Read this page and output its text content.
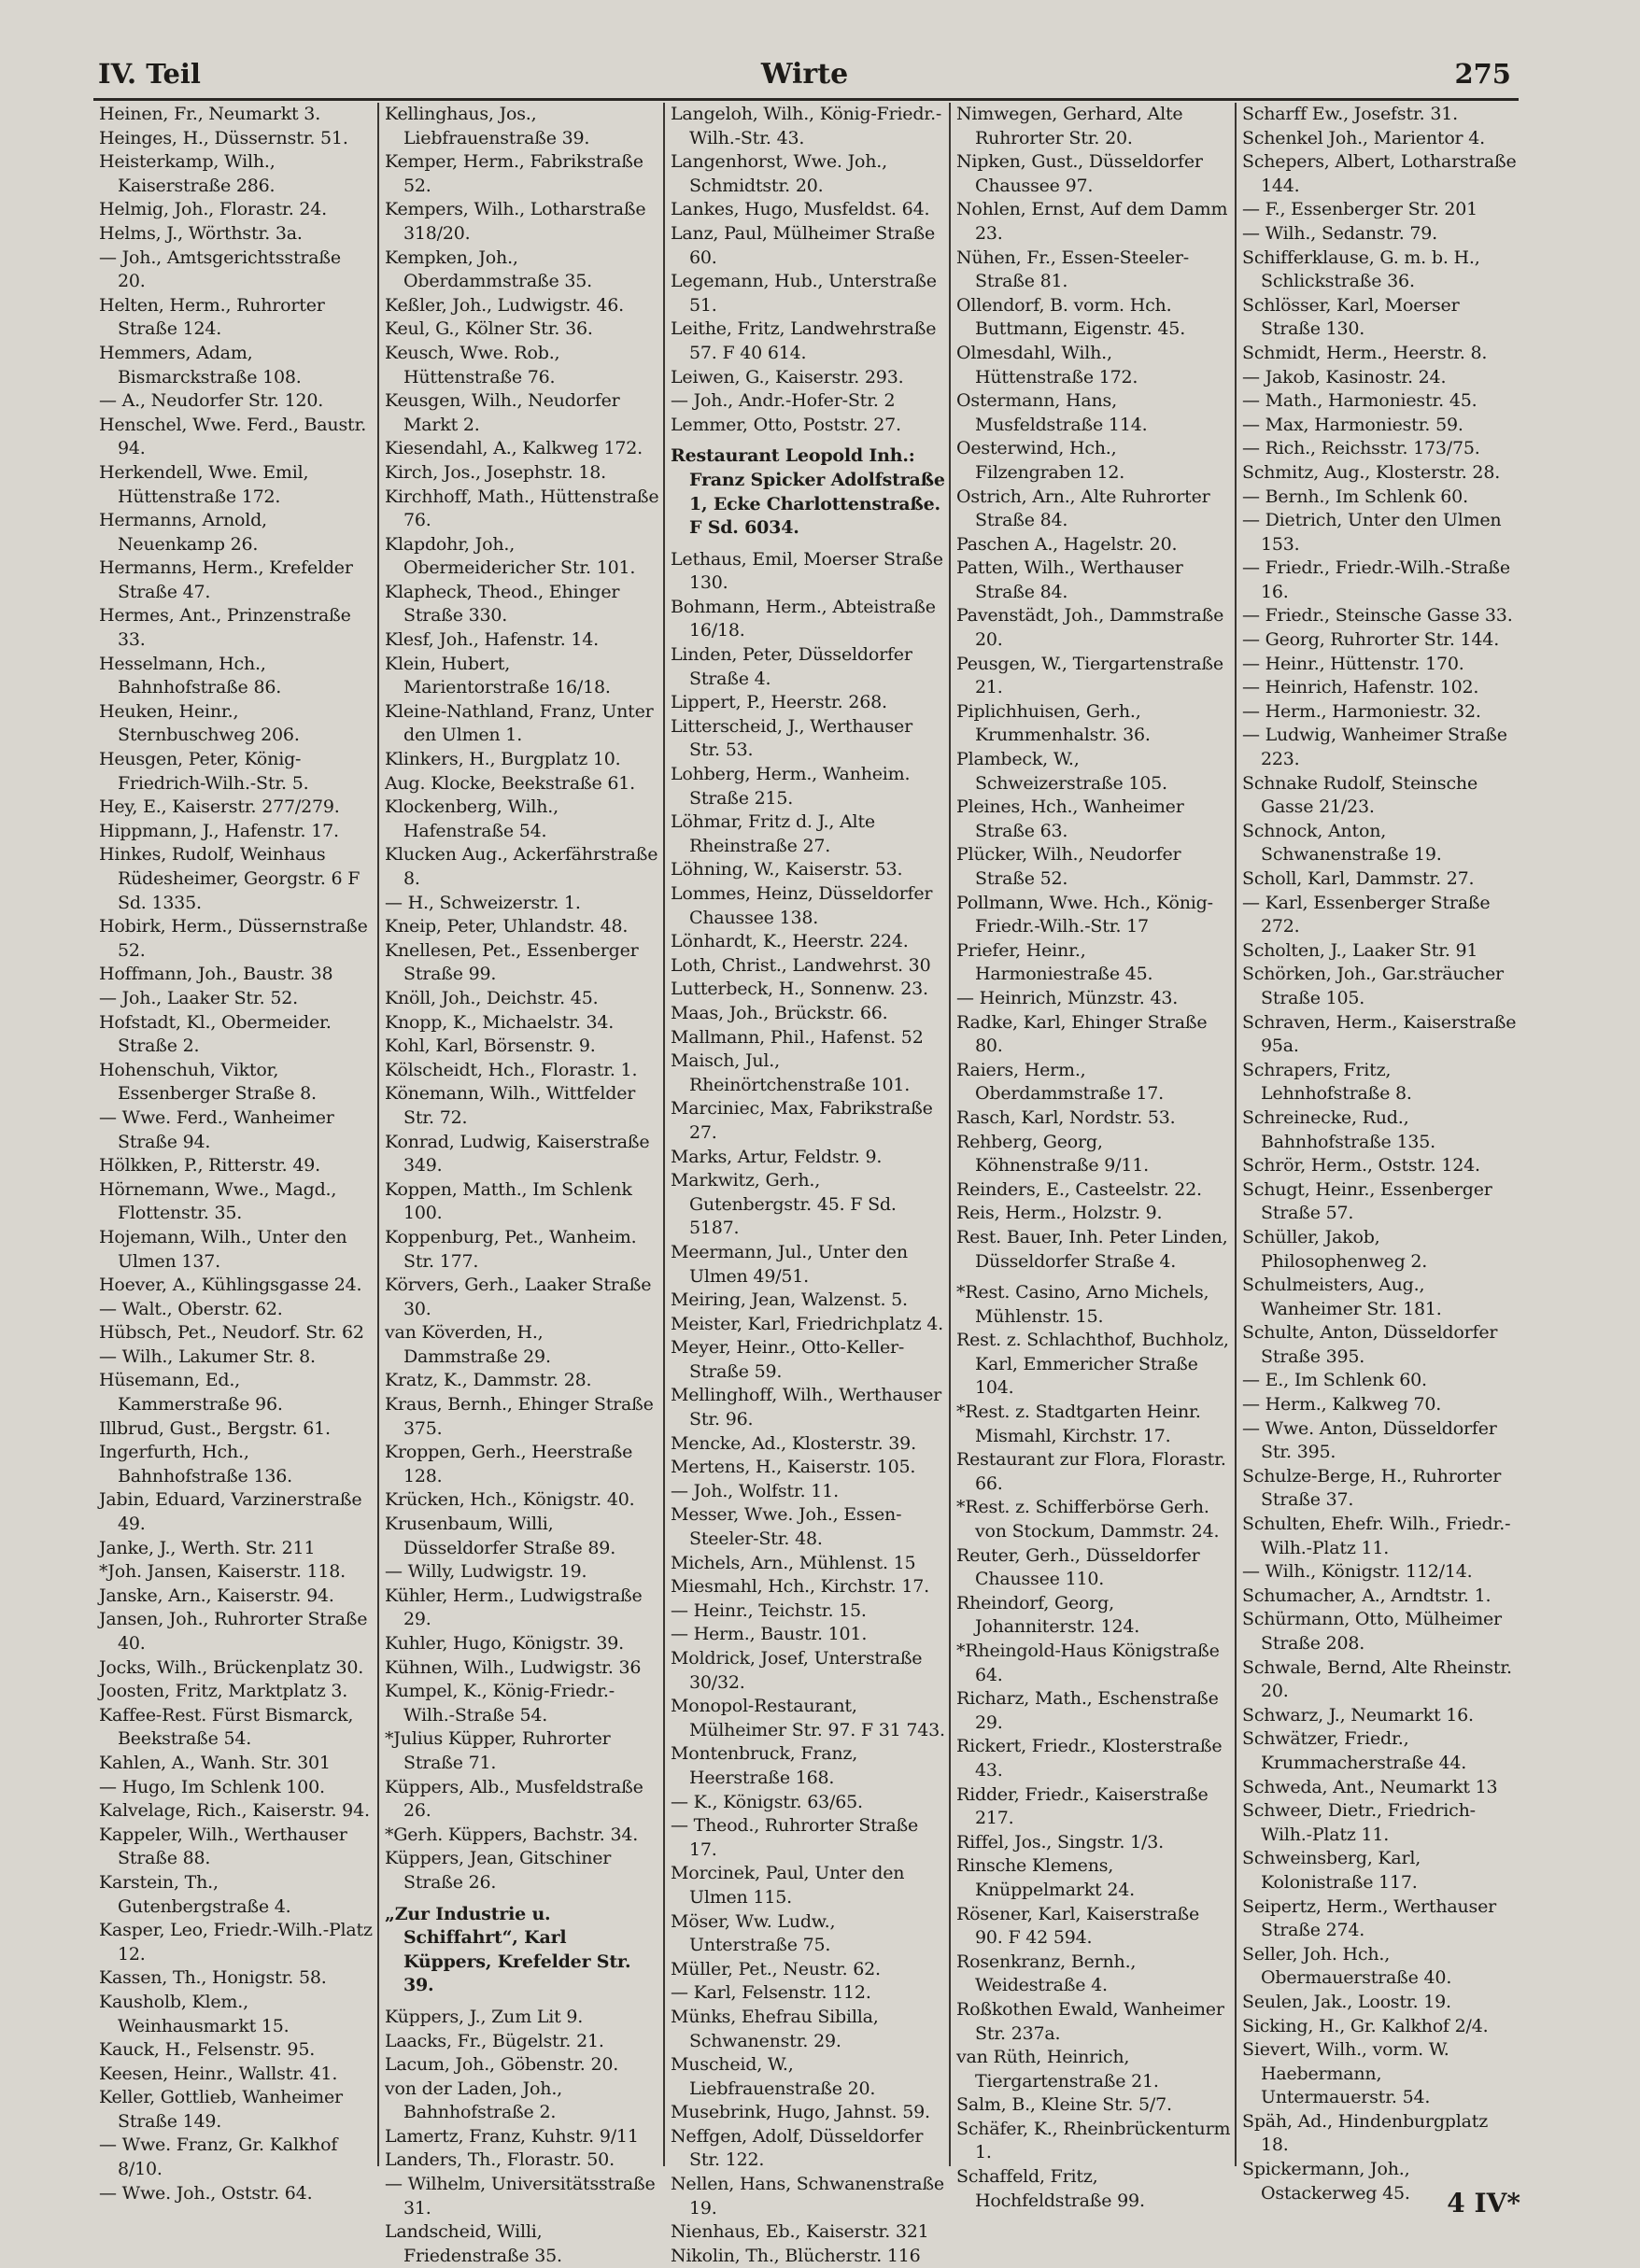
IV. Teil	Wirte	275

Heinen, Fr., Neumarkt 3.

Heinges, H., Düssernstr. 51.

Heisterkamp, Wilh., Kaiserstraße 286.

Helmig, Joh., Florastr. 24.

Helms, J., Wörthstr. 3a.

— Joh., Amtsgerichtsstraße 20.

Helten, Herm., Ruhrorter Straße 124.

Hemmers, Adam, Bismarckstraße 108.

— A., Neudorfer Str. 120.

Henschel, Wwe. Ferd., Baustr. 94.

Herkendell, Wwe. Emil, Hüttenstraße 172.

Hermanns, Arnold, Neuenkamp 26.

Hermanns, Herm., Krefelder Straße 47.

Hermes, Ant., Prinzenstraße 33.

Hesselmann, Hch., Bahnhofstraße 86.

Heuken, Heinr., Sternbuschweg 206.

Heusgen, Peter, König-Friedrich-Wilh.-Str. 5.

Hey, E., Kaiserstr. 277/279.

Hippmann, J., Hafenstr. 17.

Hinkes, Rudolf, Weinhaus Rüdesheimer, Georgstr. 6 F Sd. 1335.

Hobirk, Herm., Düssernstraße 52.

Hoffmann, Joh., Baustr. 38

— Joh., Laaker Str. 52.

Hofstadt, Kl., Obermeider. Straße 2.

Hohenschuh, Viktor, Essenberger Straße 8.

— Wwe. Ferd., Wanheimer Straße 94.

Hölkken, P., Ritterstr. 49.

Hörnemann, Wwe., Magd., Flottenstr. 35.

Hojemann, Wilh., Unter den Ulmen 137.

Hoever, A., Kühlingsgasse 24.

— Walt., Oberstr. 62.

Hübsch, Pet., Neudorf. Str. 62

— Wilh., Lakumer Str. 8.

Hüsemann, Ed., Kammerstraße 96.

Illbrud, Gust., Bergstr. 61.

Ingerfurth, Hch., Bahnhofstraße 136.

Jabin, Eduard, Varzinerstraße 49.

Janke, J., Werth. Str. 211

*Joh. Jansen, Kaiserstr. 118.

Janske, Arn., Kaiserstr. 94.

Jansen, Joh., Ruhrorter Straße 40.

Jocks, Wilh., Brückenplatz 30.

Joosten, Fritz, Marktplatz 3.

Kaffee-Rest. Fürst Bismarck, Beekstraße 54.

Kahlen, A., Wanh. Str. 301

— Hugo, Im Schlenk 100.

Kalvelage, Rich., Kaiserstr. 94.

Kappeler, Wilh., Werthauser Straße 88.

Karstein, Th., Gutenbergstraße 4.

Kasper, Leo, Friedr.-Wilh.-Platz 12.

Kassen, Th., Honigstr. 58.

Kausholb, Klem., Weinhausmarkt 15.

Kauck, H., Felsenstr. 95.

Keesen, Heinr., Wallstr. 41.

Keller, Gottlieb, Wanheimer Straße 149.

— Wwe. Franz, Gr. Kalkhof 8/10.

— Wwe. Joh., Oststr. 64.

Kellinghaus, Jos., Liebfrauenstraße 39.

Kemper, Herm., Fabrikstraße 52.

Kempers, Wilh., Lotharstraße 318/20.

Kempken, Joh., Oberdammstraße 35.

Keßler, Joh., Ludwigstr. 46.

Keul, G., Kölner Str. 36.

Keusch, Wwe. Rob., Hüttenstraße 76.

Keusgen, Wilh., Neudorfer Markt 2.

Kiesendahl, A., Kalkweg 172.

Kirch, Jos., Josephstr. 18.

Kirchhoff, Math., Hüttenstraße 76.

Klapdohr, Joh., Obermeidericher Str. 101.

Klapheck, Theod., Ehinger Straße 330.

Klesf, Joh., Hafenstr. 14.

Klein, Hubert, Marientorstraße 16/18.

Kleine-Nathland, Franz, Unter den Ulmen 1.

Klinkers, H., Burgplatz 10.

Aug. Klocke, Beekstraße 61.

Klockenberg, Wilh., Hafenstraße 54.

Klucken Aug., Ackerfährstraße 8.

— H., Schweizerstr. 1.

Kneip, Peter, Uhlandstr. 48.

Knellesen, Pet., Essenberger Straße 99.

Knöll, Joh., Deichstr. 45.

Knopp, K., Michaelstr. 34.

Kohl, Karl, Börsenstr. 9.

Kölscheidt, Hch., Florastr. 1.

Könemann, Wilh., Wittfelder Str. 72.

Konrad, Ludwig, Kaiserstraße 349.

Koppen, Matth., Im Schlenk 100.

Koppenburg, Pet., Wanheim. Str. 177.

Körvers, Gerh., Laaker Straße 30.

van Köverden, H., Dammstraße 29.

Kratz, K., Dammstr. 28.

Kraus, Bernh., Ehinger Straße 375.

Kroppen, Gerh., Heerstraße 128.

Krücken, Hch., Königstr. 40.

Krusenbaum, Willi, Düsseldorfer Straße 89.

— Willy, Ludwigstr. 19.

Kühler, Herm., Ludwigstraße 29.

Kuhler, Hugo, Königstr. 39.

Kühnen, Wilh., Ludwigstr. 36

Kumpel, K., König-Friedr.-Wilh.-Straße 54.

*Julius Küpper, Ruhrorter Straße 71.

Küppers, Alb., Musfeldstraße 26.

*Gerh. Küppers, Bachstr. 34.

Küppers, Jean, Gitschiner Straße 26.

„Zur Industrie u. Schiffahrt“, Karl Küppers, Krefelder Str. 39.

Küppers, J., Zum Lit 9.

Laacks, Fr., Bügelstr. 21.

Lacum, Joh., Göbenstr. 20.

von der Laden, Joh., Bahnhofstraße 2.

Lamertz, Franz, Kuhstr. 9/11

Landers, Th., Florastr. 50.

— Wilhelm, Universitätsstraße 31.

Landscheid, Willi, Friedenstraße 35.

Langeloh, Wilh., König-Friedr.-Wilh.-Str. 43.

Langenhorst, Wwe. Joh., Schmidtstr. 20.

Lankes, Hugo, Musfeldst. 64.

Lanz, Paul, Mülheimer Straße 60.

Legemann, Hub., Unterstraße 51.

Leithe, Fritz, Landwehrstraße 57. F 40 614.

Leiwen, G., Kaiserstr. 293.

— Joh., Andr.-Hofer-Str. 2

Lemmer, Otto, Poststr. 27.

Restaurant Leopold Inh.: Franz Spicker Adolfstraße 1, Ecke Charlottenstraße. F Sd. 6034.

Lethaus, Emil, Moerser Straße 130.

Bohmann, Herm., Abteistraße 16/18.

Linden, Peter, Düsseldorfer Straße 4.

Lippert, P., Heerstr. 268.

Litterscheid, J., Werthauser Str. 53.

Lohberg, Herm., Wanheim. Straße 215.

Löhmar, Fritz d. J., Alte Rheinstraße 27.

Löhning, W., Kaiserstr. 53.

Lommes, Heinz, Düsseldorfer Chaussee 138.

Lönhardt, K., Heerstr. 224.

Loth, Christ., Landwehrst. 30

Lutterbeck, H., Sonnenw. 23.

Maas, Joh., Brückstr. 66.

Mallmann, Phil., Hafenst. 52

Maisch, Jul., Rheinörtchenstraße 101.

Marciniec, Max, Fabrikstraße 27.

Marks, Artur, Feldstr. 9.

Markwitz, Gerh., Gutenbergstr. 45. F Sd. 5187.

Meermann, Jul., Unter den Ulmen 49/51.

Meiring, Jean, Walzenst. 5.

Meister, Karl, Friedrichplatz 4.

Meyer, Heinr., Otto-Keller-Straße 59.

Mellinghoff, Wilh., Werthauser Str. 96.

Mencke, Ad., Klosterstr. 39.

Mertens, H., Kaiserstr. 105.

— Joh., Wolfstr. 11.

Messer, Wwe. Joh., Essen-Steeler-Str. 48.

Michels, Arn., Mühlenst. 15

Miesmahl, Hch., Kirchstr. 17.

— Heinr., Teichstr. 15.

— Herm., Baustr. 101.

Moldrick, Josef, Unterstraße 30/32.

Monopol-Restaurant, Mülheimer Str. 97. F 31 743.

Montenbruck, Franz, Heerstraße 168.

— K., Königstr. 63/65.

— Theod., Ruhrorter Straße 17.

Morcinek, Paul, Unter den Ulmen 115.

Möser, Ww. Ludw., Unterstraße 75.

Müller, Pet., Neustr. 62.

— Karl, Felsenstr. 112.

Münks, Ehefrau Sibilla, Schwanenstr. 29.

Muscheid, W., Liebfrauenstraße 20.

Musebrink, Hugo, Jahnst. 59.

Neffgen, Adolf, Düsseldorfer Str. 122.

Nellen, Hans, Schwanenstraße 19.

Nienhaus, Eb., Kaiserstr. 321

Nikolin, Th., Blücherstr. 116

Nimwegen, Gerhard, Alte Ruhrorter Str. 20.

Nipken, Gust., Düsseldorfer Chaussee 97.

Nohlen, Ernst, Auf dem Damm 23.

Nühen, Fr., Essen-Steeler-Straße 81.

Ollendorf, B. vorm. Hch. Buttmann, Eigenstr. 45.

Olmesdahl, Wilh., Hüttenstraße 172.

Ostermann, Hans, Musfeldstraße 114.

Oesterwind, Hch., Filzengraben 12.

Ostrich, Arn., Alte Ruhrorter Straße 84.

Paschen A., Hagelstr. 20.

Patten, Wilh., Werthauser Straße 84.

Pavenstädt, Joh., Dammstraße 20.

Peusgen, W., Tiergartenstraße 21.

Piplichhuisen, Gerh., Krummenhalstr. 36.

Plambeck, W., Schweizerstraße 105.

Pleines, Hch., Wanheimer Straße 63.

Plücker, Wilh., Neudorfer Straße 52.

Pollmann, Wwe. Hch., König-Friedr.-Wilh.-Str. 17

Priefer, Heinr., Harmoniestraße 45.

— Heinrich, Münzstr. 43.

Radke, Karl, Ehinger Straße 80.

Raiers, Herm., Oberdammstraße 17.

Rasch, Karl, Nordstr. 53.

Rehberg, Georg, Köhnenstraße 9/11.

Reinders, E., Casteelstr. 22.

Reis, Herm., Holzstr. 9.

Rest. Bauer, Inh. Peter Linden, Düsseldorfer Straße 4.

*Rest. Casino, Arno Michels, Mühlenstr. 15.

Rest. z. Schlachthof, Buchholz, Karl, Emmericher Straße 104.

*Rest. z. Stadtgarten Heinr. Mismahl, Kirchstr. 17.

Restaurant zur Flora, Florastr. 66.

*Rest. z. Schifferbörse Gerh. von Stockum, Dammstr. 24.

Reuter, Gerh., Düsseldorfer Chaussee 110.

Rheindorf, Georg, Johanniterstr. 124.

*Rheingold-Haus Königstraße 64.

Richarz, Math., Eschenstraße 29.

Rickert, Friedr., Klosterstraße 43.

Ridder, Friedr., Kaiserstraße 217.

Riffel, Jos., Singstr. 1/3.

Rinsche Klemens, Knüppelmarkt 24.

Rösener, Karl, Kaiserstraße 90. F 42 594.

Rosenkranz, Bernh., Weidestraße 4.

Roßkothen Ewald, Wanheimer Str. 237a.

van Rüth, Heinrich, Tiergartenstraße 21.

Salm, B., Kleine Str. 5/7.

Schäfer, K., Rheinbrückenturm 1.

Schaffeld, Fritz, Hochfeldstraße 99.

Scharff Ew., Josefstr. 31.

Schenkel Joh., Marientor 4.

Schepers, Albert, Lotharstraße 144.

— F., Essenberger Str. 201

— Wilh., Sedanstr. 79.

Schifferklause, G. m. b. H., Schlickstraße 36.

Schlösser, Karl, Moerser Straße 130.

Schmidt, Herm., Heerstr. 8.

— Jakob, Kasinostr. 24.

— Math., Harmoniestr. 45.

— Max, Harmoniestr. 59.

— Rich., Reichsstr. 173/75.

Schmitz, Aug., Klosterstr. 28.

— Bernh., Im Schlenk 60.

— Dietrich, Unter den Ulmen 153.

— Friedr., Friedr.-Wilh.-Straße 16.

— Friedr., Steinsche Gasse 33.

— Georg, Ruhrorter Str. 144.

— Heinr., Hüttenstr. 170.

— Heinrich, Hafenstr. 102.

— Herm., Harmoniestr. 32.

— Ludwig, Wanheimer Straße 223.

Schnake Rudolf, Steinsche Gasse 21/23.

Schnock, Anton, Schwanenstraße 19.

Scholl, Karl, Dammstr. 27.

— Karl, Essenberger Straße 272.

Scholten, J., Laaker Str. 91

Schörken, Joh., Gar.sträucher Straße 105.

Schraven, Herm., Kaiserstraße 95a.

Schrapers, Fritz, Lehnhofstraße 8.

Schreinecke, Rud., Bahnhofstraße 135.

Schrör, Herm., Oststr. 124.

Schugt, Heinr., Essenberger Straße 57.

Schüller, Jakob, Philosophenweg 2.

Schulmeisters, Aug., Wanheimer Str. 181.

Schulte, Anton, Düsseldorfer Straße 395.

— E., Im Schlenk 60.

— Herm., Kalkweg 70.

— Wwe. Anton, Düsseldorfer Str. 395.

Schulze-Berge, H., Ruhrorter Straße 37.

Schulten, Ehefr. Wilh., Friedr.-Wilh.-Platz 11.

— Wilh., Königstr. 112/14.

Schumacher, A., Arndtstr. 1.

Schürmann, Otto, Mülheimer Straße 208.

Schwale, Bernd, Alte Rheinstr. 20.

Schwarz, J., Neumarkt 16.

Schwätzer, Friedr., Krummacherstraße 44.

Schweda, Ant., Neumarkt 13

Schweer, Dietr., Friedrich-Wilh.-Platz 11.

Schweinsberg, Karl, Kolonistraße 117.

Seipertz, Herm., Werthauser Straße 274.

Seller, Joh. Hch., Obermauerstraße 40.

Seulen, Jak., Loostr. 19.

Sicking, H., Gr. Kalkhof 2/4.

Sievert, Wilh., vorm. W. Haebermann, Untermauerstr. 54.

Späh, Ad., Hindenburgplatz 18.

Spickermann, Joh., Ostackerweg 45.	4 IV*
